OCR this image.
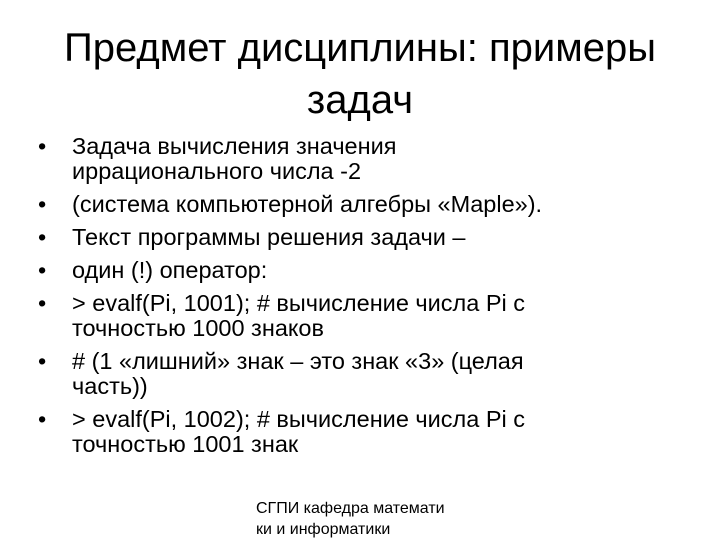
Предмет дисциплины: примеры
задач
• Задача вычисления значения
иррационального числа -2
• (система компьютерной алгебры «Maple»).
• Текст программы решения задачи –
• один (!) оператор:
• > evalf(Pi, 1001); # вычисление числа Pi с
точностью 1000 знаков
• # (1 «лишний» знак – это знак «3» (целая
часть))
• > evalf(Pi, 1002); # вычисление числа Pi с
точностью 1001 знак
СГПИ кафедра математи
ки и информатики
